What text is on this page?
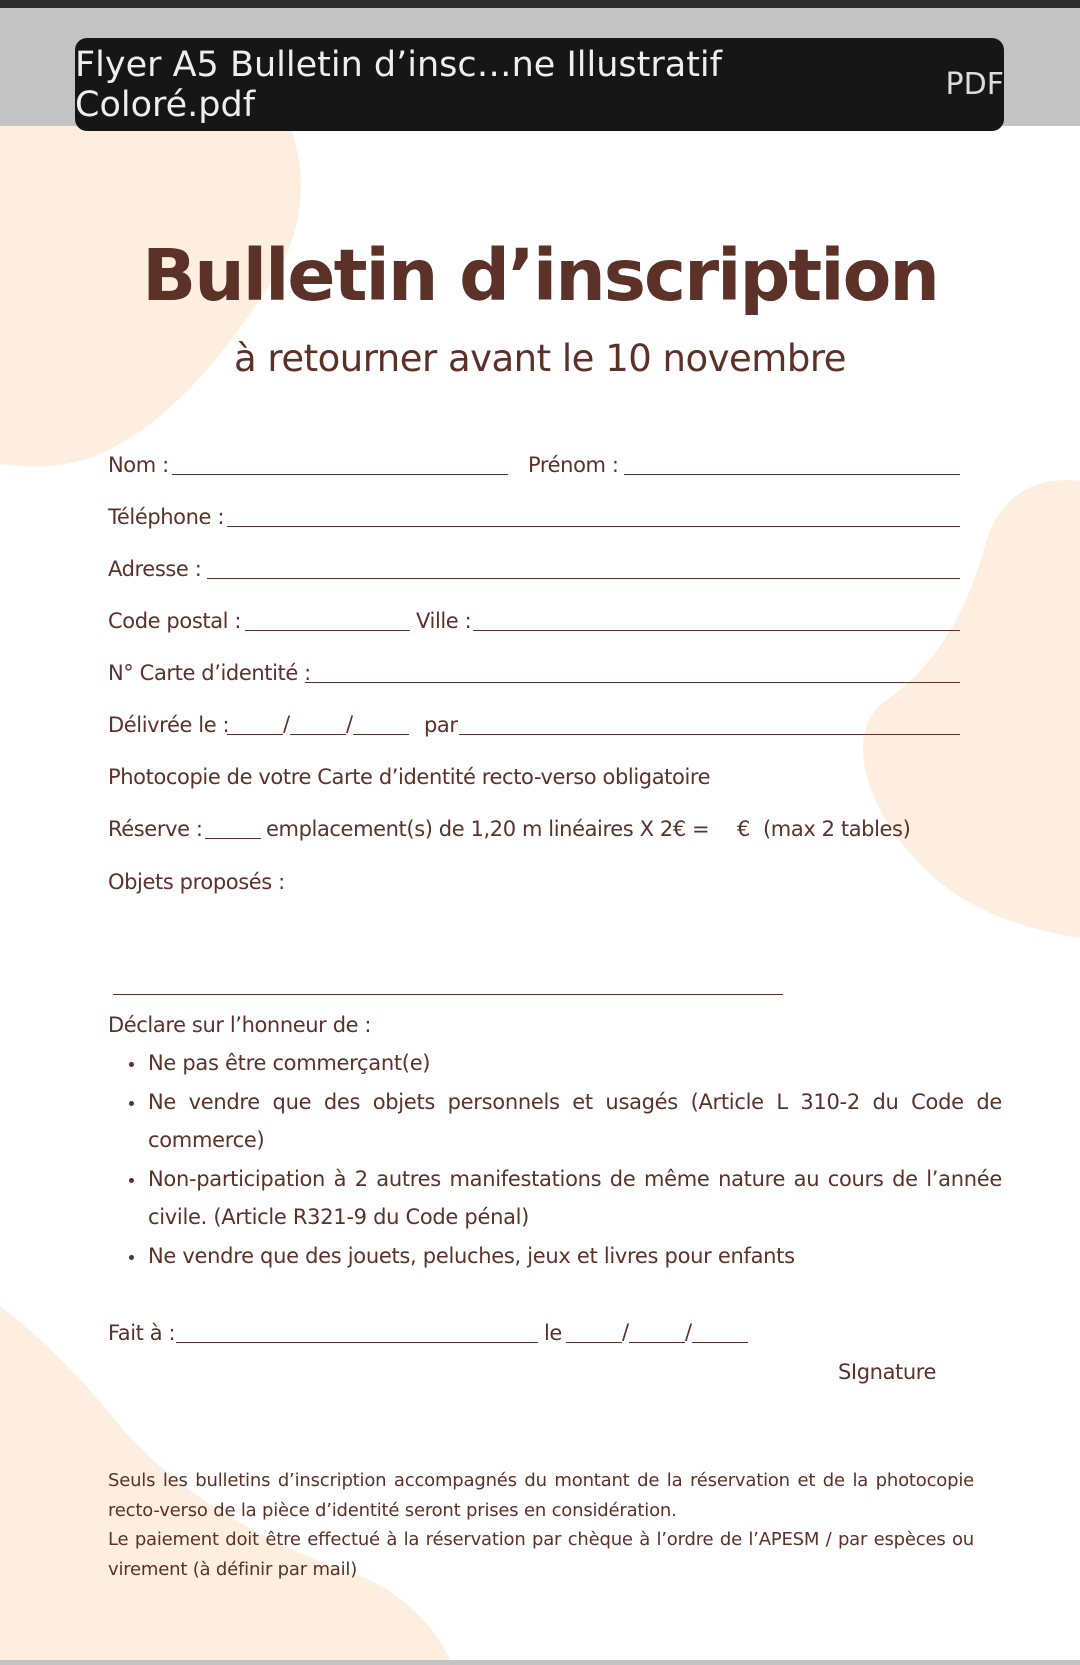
Flyer A5 Bulletin d’insc…ne Illustratif Coloré.pdf	PDF
Bulletin d’inscription
à retourner avant le 10 novembre
Nom :	Prénom :
Téléphone :
Adresse :
Code postal :	Ville :
N° Carte d’identité :
Délivrée le :	/	/	par
Photocopie de votre Carte d’identité recto-verso obligatoire
Réserve :	emplacement(s) de 1,20 m linéaires X 2€ = € (max 2 tables)
Objets proposés :
Déclare sur l’honneur de :
• Ne pas être commerçant(e)
• Ne vendre que des objets personnels et usagés (Article L 310-2 du Code de commerce)
• Non-participation à 2 autres manifestations de même nature au cours de l’année civile. (Article R321-9 du Code pénal)
• Ne vendre que des jouets, peluches, jeux et livres pour enfants
Fait à :	le	/	/
SIgnature

Seuls les bulletins d’inscription accompagnés du montant de la réservation et de la photocopie recto-verso de la pièce d’identité seront prises en considération.

Le paiement doit être effectué à la réservation par chèque à l’ordre de l’APESM / par espèces ou virement (à définir par mail)
